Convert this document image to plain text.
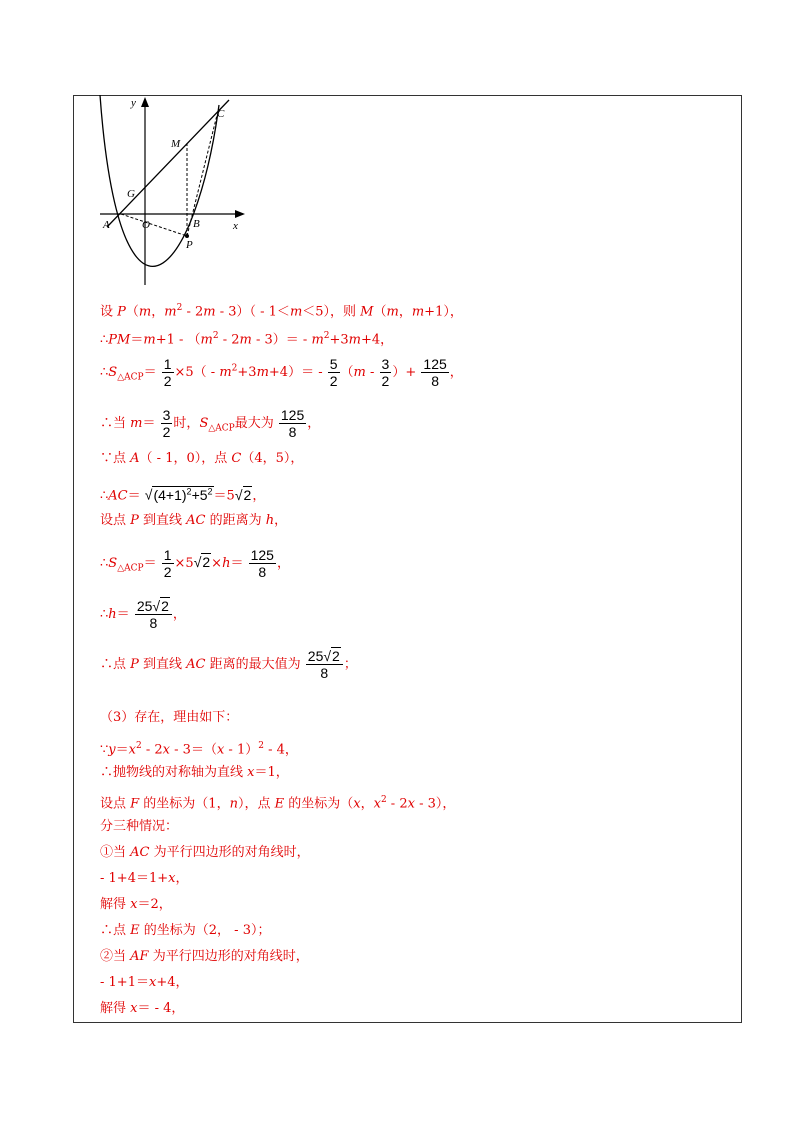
y
x
C
M
G
A	O	B
P
设 P（m，$m^2 - 2m - 3)( - 1<m<5)$，则 M（m，m+1），
∴PM＝m+1 - $(m^2 - 2m - 3)= - m^2+3m+4$，
$\therefore S_{\triangle ACP}= \frac{1}{2} \times 5( - m^2+3m+4)= - \frac{5}{2} (m - \frac{3}{2}$ ）+ $\frac{125}{8}$ ，
∴当 $m= \frac{3}{2}$ 时，$S_{\triangle ACP}$最大为 $\frac{125}{8}$ ，
∵点 A（ - 1，0），点 C（4，5），
∴AC＝ $√(4+1)^2+5^2=5√2$，
设点 P 到直线 AC 的距离为 h，
$\therefore S_{\triangle ACP}= \frac{1}{2} \times 5√2\times h= \frac{125}{8}$ ，
∴h＝ $\frac{25√2}{8}$ ，
∴点 P 到直线 AC 距离的最大值为 $\frac{25√2}{8}$ ；
（3）存在，理由如下：
$\because y=x^2 - 2x - 3=(x - 1)^2 - 4$，
∴抛物线的对称轴为直线 x＝1，
设点 F 的坐标为（1，n），点 E 的坐标为（x，$x^2 - 2x - 3$），
分三种情况：
①当 AC 为平行四边形的对角线时，
- 1+4＝1+x，
解得 x＝2，
∴点 E 的坐标为（2， - 3）；
②当 AF 为平行四边形的对角线时，
- 1+1＝x+4，
解得 x＝ - 4，
